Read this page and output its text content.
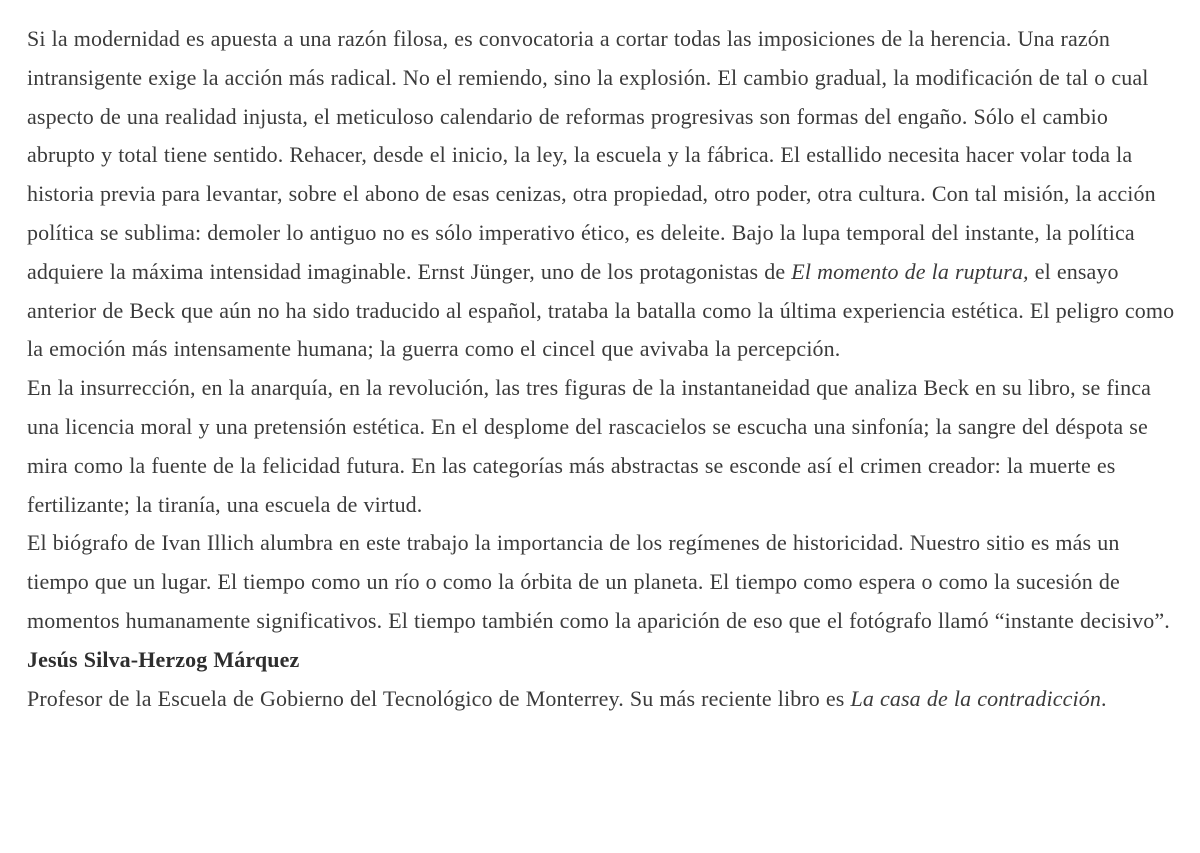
Si la modernidad es apuesta a una razón filosa, es convocatoria a cortar todas las imposiciones de la herencia. Una razón intransigente exige la acción más radical. No el remiendo, sino la explosión. El cambio gradual, la modificación de tal o cual aspecto de una realidad injusta, el meticuloso calendario de reformas progresivas son formas del engaño. Sólo el cambio abrupto y total tiene sentido. Rehacer, desde el inicio, la ley, la escuela y la fábrica. El estallido necesita hacer volar toda la historia previa para levantar, sobre el abono de esas cenizas, otra propiedad, otro poder, otra cultura. Con tal misión, la acción política se sublima: demoler lo antiguo no es sólo imperativo ético, es deleite. Bajo la lupa temporal del instante, la política adquiere la máxima intensidad imaginable. Ernst Jünger, uno de los protagonistas de El momento de la ruptura, el ensayo anterior de Beck que aún no ha sido traducido al español, trataba la batalla como la última experiencia estética. El peligro como la emoción más intensamente humana; la guerra como el cincel que avivaba la percepción.

En la insurrección, en la anarquía, en la revolución, las tres figuras de la instantaneidad que analiza Beck en su libro, se finca una licencia moral y una pretensión estética. En el desplome del rascacielos se escucha una sinfonía; la sangre del déspota se mira como la fuente de la felicidad futura. En las categorías más abstractas se esconde así el crimen creador: la muerte es fertilizante; la tiranía, una escuela de virtud.

El biógrafo de Ivan Illich alumbra en este trabajo la importancia de los regímenes de historicidad. Nuestro sitio es más un tiempo que un lugar. El tiempo como un río o como la órbita de un planeta. El tiempo como espera o como la sucesión de momentos humanamente significativos. El tiempo también como la aparición de eso que el fotógrafo llamó “instante decisivo”.

Jesús Silva-Herzog Márquez

Profesor de la Escuela de Gobierno del Tecnológico de Monterrey. Su más reciente libro es La casa de la contradicción.
